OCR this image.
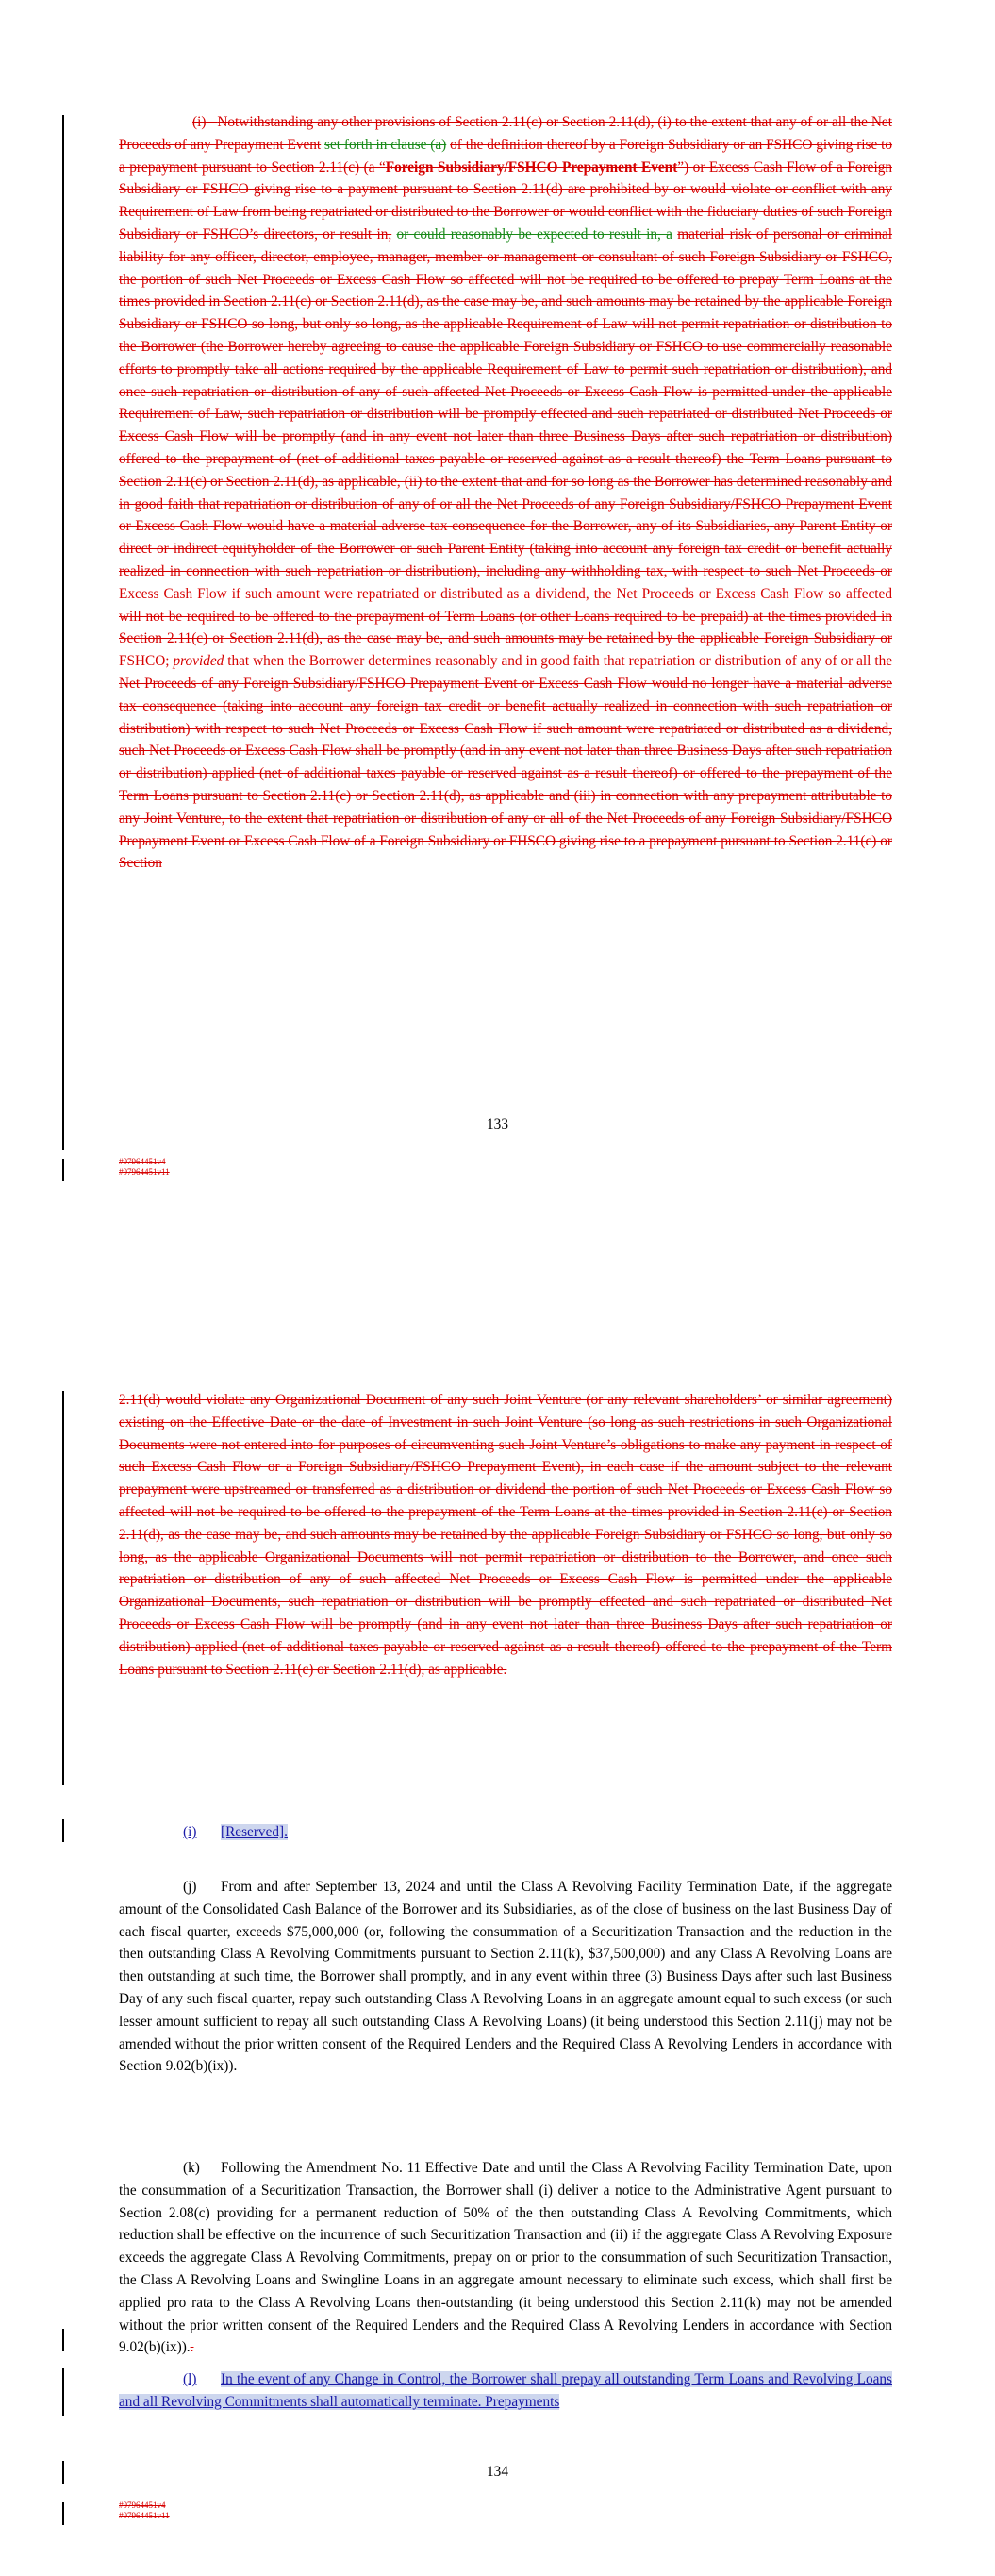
(i) Notwithstanding any other provisions of Section 2.11(c) or Section 2.11(d), (i) to the extent that any of or all the Net Proceeds of any Prepayment Event set forth in clause (a) of the definition thereof by a Foreign Subsidiary or an FSHCO giving rise to a prepayment pursuant to Section 2.11(c) (a “Foreign Subsidiary/FSHCO Prepayment Event”) or Excess Cash Flow of a Foreign Subsidiary or FSHCO giving rise to a payment pursuant to Section 2.11(d) are prohibited by or would violate or conflict with any Requirement of Law from being repatriated or distributed to the Borrower or would conflict with the fiduciary duties of such Foreign Subsidiary or FSHCO’s directors, or result in, or could reasonably be expected to result in, a material risk of personal or criminal liability for any officer, director, employee, manager, member or management or consultant of such Foreign Subsidiary or FSHCO, the portion of such Net Proceeds or Excess Cash Flow so affected will not be required to be offered to prepay Term Loans at the times provided in Section 2.11(c) or Section 2.11(d), as the case may be, and such amounts may be retained by the applicable Foreign Subsidiary or FSHCO so long, but only so long, as the applicable Requirement of Law will not permit repatriation or distribution to the Borrower (the Borrower hereby agreeing to cause the applicable Foreign Subsidiary or FSHCO to use commercially reasonable efforts to promptly take all actions required by the applicable Requirement of Law to permit such repatriation or distribution), and once such repatriation or distribution of any of such affected Net Proceeds or Excess Cash Flow is permitted under the applicable Requirement of Law, such repatriation or distribution will be promptly effected and such repatriated or distributed Net Proceeds or Excess Cash Flow will be promptly (and in any event not later than three Business Days after such repatriation or distribution) offered to the prepayment of (net of additional taxes payable or reserved against as a result thereof) the Term Loans pursuant to Section 2.11(c) or Section 2.11(d), as applicable, (ii) to the extent that and for so long as the Borrower has determined reasonably and in good faith that repatriation or distribution of any of or all the Net Proceeds of any Foreign Subsidiary/FSHCO Prepayment Event or Excess Cash Flow would have a material adverse tax consequence for the Borrower, any of its Subsidiaries, any Parent Entity or direct or indirect equityholder of the Borrower or such Parent Entity (taking into account any foreign tax credit or benefit actually realized in connection with such repatriation or distribution), including any withholding tax, with respect to such Net Proceeds or Excess Cash Flow if such amount were repatriated or distributed as a dividend, the Net Proceeds or Excess Cash Flow so affected will not be required to be offered to the prepayment of Term Loans (or other Loans required to be prepaid) at the times provided in Section 2.11(c) or Section 2.11(d), as the case may be, and such amounts may be retained by the applicable Foreign Subsidiary or FSHCO; provided that when the Borrower determines reasonably and in good faith that repatriation or distribution of any of or all the Net Proceeds of any Foreign Subsidiary/FSHCO Prepayment Event or Excess Cash Flow would no longer have a material adverse tax consequence (taking into account any foreign tax credit or benefit actually realized in connection with such repatriation or distribution) with respect to such Net Proceeds or Excess Cash Flow if such amount were repatriated or distributed as a dividend, such Net Proceeds or Excess Cash Flow shall be promptly (and in any event not later than three Business Days after such repatriation or distribution) applied (net of additional taxes payable or reserved against as a result thereof) or offered to the prepayment of the Term Loans pursuant to Section 2.11(c) or Section 2.11(d), as applicable and (iii) in connection with any prepayment attributable to any Joint Venture, to the extent that repatriation or distribution of any or all of the Net Proceeds of any Foreign Subsidiary/FSHCO Prepayment Event or Excess Cash Flow of a Foreign Subsidiary or FHSCO giving rise to a prepayment pursuant to Section 2.11(c) or Section

133
#97964451v4
#97964451v11

2.11(d) would violate any Organizational Document of any such Joint Venture (or any relevant shareholders’ or similar agreement) existing on the Effective Date or the date of Investment in such Joint Venture (so long as such restrictions in such Organizational Documents were not entered into for purposes of circumventing such Joint Venture’s obligations to make any payment in respect of such Excess Cash Flow or a Foreign Subsidiary/FSHCO Prepayment Event), in each case if the amount subject to the relevant prepayment were upstreamed or transferred as a distribution or dividend the portion of such Net Proceeds or Excess Cash Flow so affected will not be required to be offered to the prepayment of the Term Loans at the times provided in Section 2.11(c) or Section 2.11(d), as the case may be, and such amounts may be retained by the applicable Foreign Subsidiary or FSHCO so long, but only so long, as the applicable Organizational Documents will not permit repatriation or distribution to the Borrower, and once such repatriation or distribution of any of such affected Net Proceeds or Excess Cash Flow is permitted under the applicable Organizational Documents, such repatriation or distribution will be promptly effected and such repatriated or distributed Net Proceeds or Excess Cash Flow will be promptly (and in any event not later than three Business Days after such repatriation or distribution) applied (net of additional taxes payable or reserved against as a result thereof) offered to the prepayment of the Term Loans pursuant to Section 2.11(c) or Section 2.11(d), as applicable.

(i) [Reserved].

(j) From and after September 13, 2024 and until the Class A Revolving Facility Termination Date, if the aggregate amount of the Consolidated Cash Balance of the Borrower and its Subsidiaries, as of the close of business on the last Business Day of each fiscal quarter, exceeds $75,000,000 (or, following the consummation of a Securitization Transaction and the reduction in the then outstanding Class A Revolving Commitments pursuant to Section 2.11(k), $37,500,000) and any Class A Revolving Loans are then outstanding at such time, the Borrower shall promptly, and in any event within three (3) Business Days after such last Business Day of any such fiscal quarter, repay such outstanding Class A Revolving Loans in an aggregate amount equal to such excess (or such lesser amount sufficient to repay all such outstanding Class A Revolving Loans) (it being understood this Section 2.11(j) may not be amended without the prior written consent of the Required Lenders and the Required Class A Revolving Lenders in accordance with Section 9.02(b)(ix)).

(k) Following the Amendment No. 11 Effective Date and until the Class A Revolving Facility Termination Date, upon the consummation of a Securitization Transaction, the Borrower shall (i) deliver a notice to the Administrative Agent pursuant to Section 2.08(c) providing for a permanent reduction of 50% of the then outstanding Class A Revolving Commitments, which reduction shall be effective on the incurrence of such Securitization Transaction and (ii) if the aggregate Class A Revolving Exposure exceeds the aggregate Class A Revolving Commitments, prepay on or prior to the consummation of such Securitization Transaction, the Class A Revolving Loans and Swingline Loans in an aggregate amount necessary to eliminate such excess, which shall first be applied pro rata to the Class A Revolving Loans then-outstanding (it being understood this Section 2.11(k) may not be amended without the prior written consent of the Required Lenders and the Required Class A Revolving Lenders in accordance with Section 9.02(b)(ix))..

(l) In the event of any Change in Control, the Borrower shall prepay all outstanding Term Loans and Revolving Loans and all Revolving Commitments shall automatically terminate. Prepayments

134
#97964451v4
#97964451v11
